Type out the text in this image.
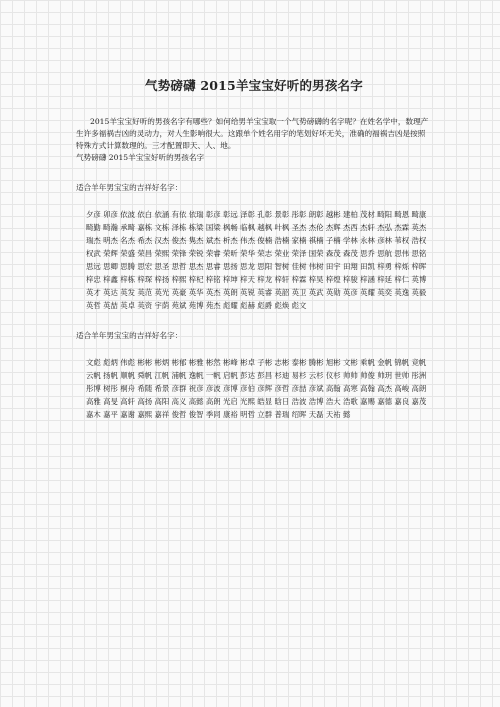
气势磅礴 2015羊宝宝好听的男孩名字

2015羊宝宝好听的男孩名字有哪些？如何给男羊宝宝取一个气势磅礴的名字呢？在姓名学中，数理产生许多福祸吉凶的灵动力，对人生影响很大。这跟单个姓名用字的笔划好坏无关，准确的福祸吉凶是按照特殊方式计算数理的。三才配置即天、人、地。

气势磅礴 2015羊宝宝好听的男孩名字

适合羊年男宝宝的吉祥好名字：

夕彦 卯彦 依波 依白 依涵 有依 依瑞 彰彦 彰远 泽彰 孔彰 景彰 彤彰 朗彰 越彬 建柏 茂材 畸阳 畸恩 畸康 畸勤 畸瀚 承畸 嘉栋 文栋 泽栋 栋梁 国梁 枫畅 临枫 越枫 叶枫 圣杰 杰伦 杰辉 杰西 杰轩 杰弘 杰霖 英杰 瑞杰 明杰 名杰 希杰 汉杰 俊杰 隽杰 斌杰 析杰 伟杰 俊楠 浩楠 家楠 祺楠 子楠 学林 永林 彦林 苇权 浩权 权武 荣辉 荣盛 荣昌 荣熙 荣锋 荣锐 荣睿 荣昕 荣华 荣志 荣业 荣泽 国荣 森茂 森茂 思乔 思航 思伟 思铭 思远 思卿 思腾 思宏 思圣 思哲 思杰 思睿 思扬 思龙 思阳 智树 佳树 伟树 田宇 田翔 田凯 梓勇 梓烁 梓晖 梓忠 梓鑫 梓栋 梓琛 梓扬 梓熙 梓杞 梓铭 梓坤 梓天 梓龙 梓轩 梓霖 梓昊 梓煌 梓骏 梓涵 梓延 梓仁 英博 英才 英达 英发 英范 英光 英豪 英华 英杰 英朗 英锐 英睿 英韶 英卫 英武 英勋 英彦 英耀 英奕 英逸 英毅 英哲 英喆 英卓 英资 宇荫 苑斌 苑博 苑杰 彪耀 彪赫 彪爵 彪焕 彪文

适合羊年男宝宝的吉祥好名字：

文彪 彪炳 伟彪 彬彬 彬炳 彬郁 彬雅 彬然 彬峰 彬卓 子彬 志彬 泰彬 腾彬 旭彬 文彬 乘帆 金帆 锦帆 竞帆 云帆 扬帆 顺帆 舜帆 江帆 浦帆 逸帆 一帆 启帆 彭达 彭昌 杉迪 易杉 云杉 仪杉 帅帅 帅俊 帅玥 世帅 彤洲 彤博 树彤 桐舟 希随 希景 彦群 祝彦 彦波 彦博 彦伯 彦辉 彦哲 彦喆 彦斌 高翰 高寒 高翰 高杰 高峻 高朗 高雅 高旻 高轩 高扬 高阳 高义 高懿 高朗 光启 光熙 皓显 晗日 浩波 浩博 浩大 浩歌 嘉赐 嘉德 嘉良 嘉茂 嘉木 嘉平 嘉谢 嘉熙 嘉祥 俊哲 俊智 季同 康裕 明哲 立群 普瑞 绍晖 天磊 天祐 懿
